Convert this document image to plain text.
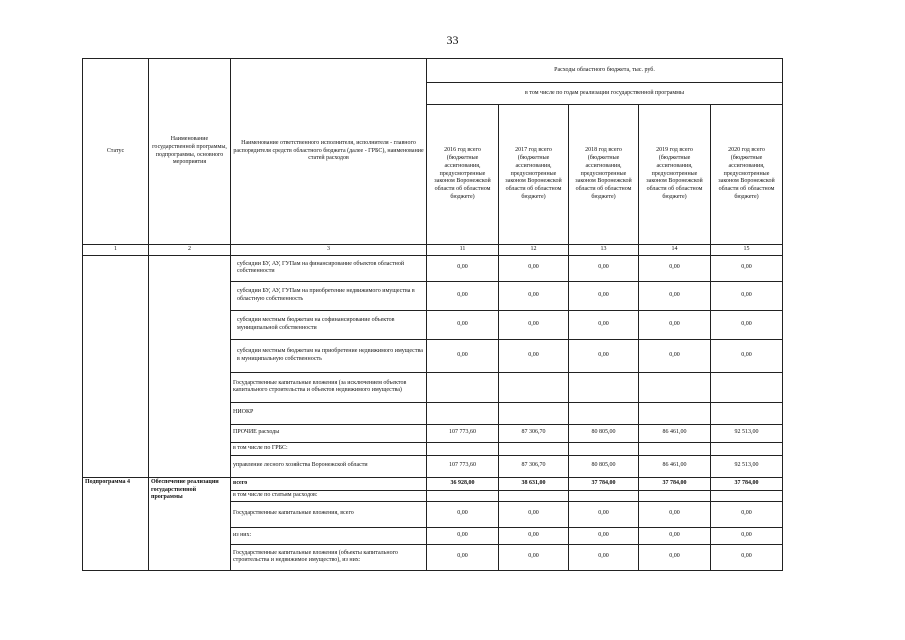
33
Статус	Наименование государственной программы, подпрограммы, основного мероприятия	Наименование ответственного исполнителя, исполнителя - главного распорядителя средств областного бюджета (далее - ГРБС), наименование статей расходов	Расходы областного бюджета, тыс. руб.				
			в том числе по годам реализации государственной программы				
			2016 год всего (бюджетные ассигнования, предусмотренные законом Воронежской области об областном бюджете)	2017 год всего (бюджетные ассигнования, предусмотренные законом Воронежской области об областном бюджете)	2018 год всего (бюджетные ассигнования, предусмотренные законом Воронежской области об областном бюджете)	2019 год всего (бюджетные ассигнования, предусмотренные законом Воронежской области об областном бюджете)	2020 год всего (бюджетные ассигнования, предусмотренные законом Воронежской области об областном бюджете)
1	2	3	11	12	13	14	15
		субсидии БУ, АУ, ГУПам на финансирование объектов областной собственности	0,00	0,00	0,00	0,00	0,00
		субсидии БУ, АУ, ГУПам на приобретение недвижимого имущества в областную собственность	0,00	0,00	0,00	0,00	0,00
		субсидии местным бюджетам на софинансирование объектов муниципальной собственности	0,00	0,00	0,00	0,00	0,00
		субсидии местным бюджетам на приобретение недвижимого имущества в муниципальную собственность	0,00	0,00	0,00	0,00	0,00
		Государственные капитальные вложения (за исключением объектов капитального строительства и объектов недвижимого имущества)					
		НИОКР					
		ПРОЧИЕ расходы	107 773,60	87 306,70	80 805,00	86 461,00	92 513,00
		в том числе по ГРБС:					
		управление лесного хозяйства Воронежской области	107 773,60	87 306,70	80 805,00	86 461,00	92 513,00
Подпрограмма 4	Обеспечение реализации государственной программы	всего	36 928,00	38 631,00	37 784,00	37 784,00	37 784,00
		в том числе по статьям расходов:					
		Государственные капитальные вложения, всего	0,00	0,00	0,00	0,00	0,00
		из них:	0,00	0,00	0,00	0,00	0,00
		Государственные капитальные вложения (объекты капитального строительства и недвижимое имущество), из них:	0,00	0,00	0,00	0,00	0,00
